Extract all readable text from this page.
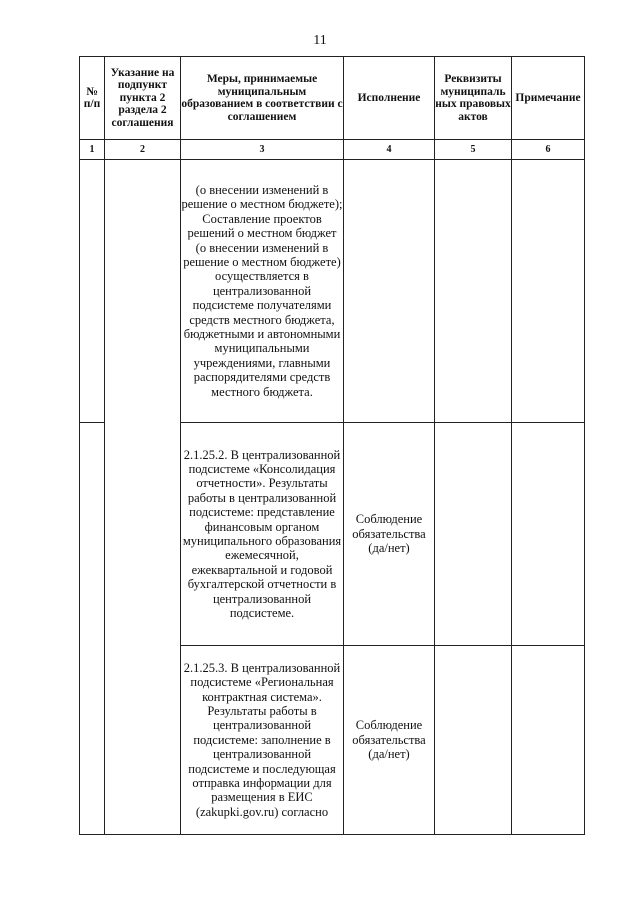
11
№ п/п	Указание на подпункт пункта 2 раздела 2 соглашения	Меры, принимаемые муниципальным образованием в соответствии с соглашением	Исполнение	Реквизиты муниципаль ных правовых актов	Примечание
1	2	3	4	5	6
		(о внесении изменений в решение о местном бюджете); Составление проектов решений о местном бюджет (о внесении изменений в решение о местном бюджете) осуществляется в централизованной подсистеме получателями средств местного бюджета, бюджетными и автономными муниципальными учреждениями, главными распорядителями средств местного бюджета.			
		2.1.25.2. В централизованной подсистеме «Консолидация отчетности». Результаты работы в централизованной подсистеме: представление финансовым органом муниципального образования ежемесячной, ежеквартальной и годовой бухгалтерской отчетности в централизованной подсистеме.	Соблюдение обязательства (да/нет)		
		2.1.25.3. В централизованной подсистеме «Региональная контрактная система». Результаты работы в централизованной подсистеме: заполнение в централизованной подсистеме и последующая отправка информации для размещения в ЕИС (zakupki.gov.ru) согласно	Соблюдение обязательства (да/нет)		
